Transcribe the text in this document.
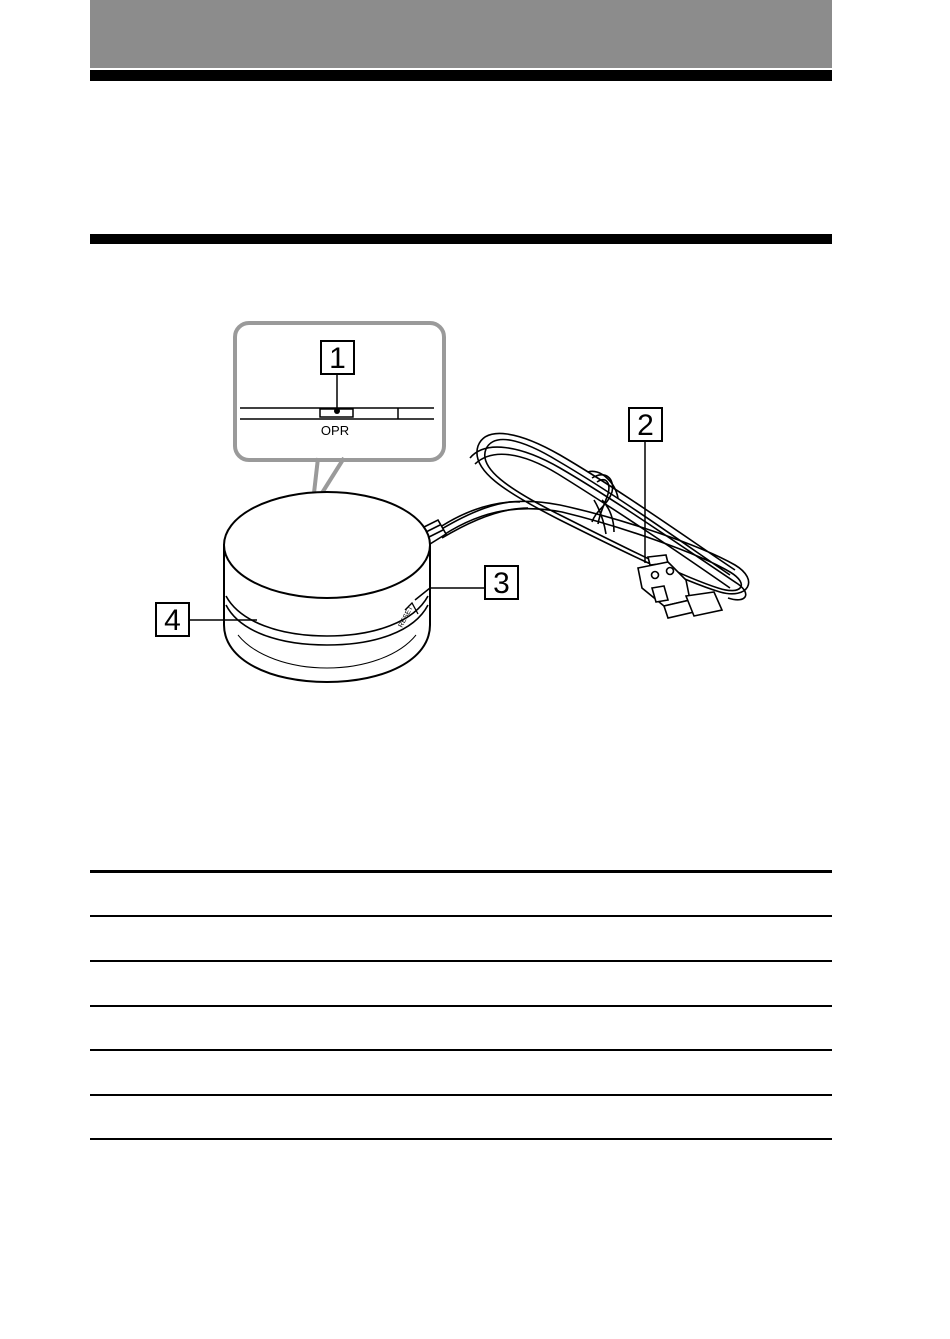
1
OPR	2
RESET
3
4
